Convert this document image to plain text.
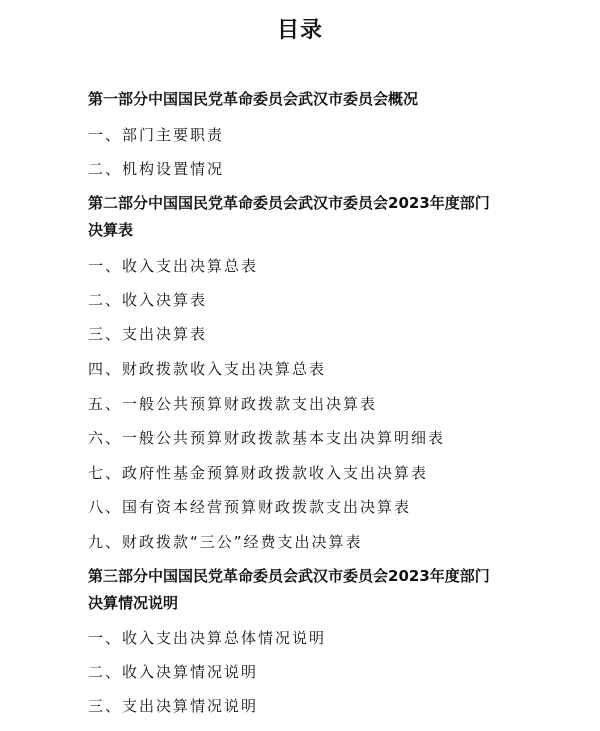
目录
第一部分中国国民党革命委员会武汉市委员会概况
一、部门主要职责
二、机构设置情况
第二部分中国国民党革命委员会武汉市委员会2023年度部门
决算表
一、收入支出决算总表
二、收入决算表
三、支出决算表
四、财政拨款收入支出决算总表
五、一般公共预算财政拨款支出决算表
六、一般公共预算财政拨款基本支出决算明细表
七、政府性基金预算财政拨款收入支出决算表
八、国有资本经营预算财政拨款支出决算表
九、财政拨款“三公”经费支出决算表
第三部分中国国民党革命委员会武汉市委员会2023年度部门
决算情况说明
一、收入支出决算总体情况说明
二、收入决算情况说明
三、支出决算情况说明
